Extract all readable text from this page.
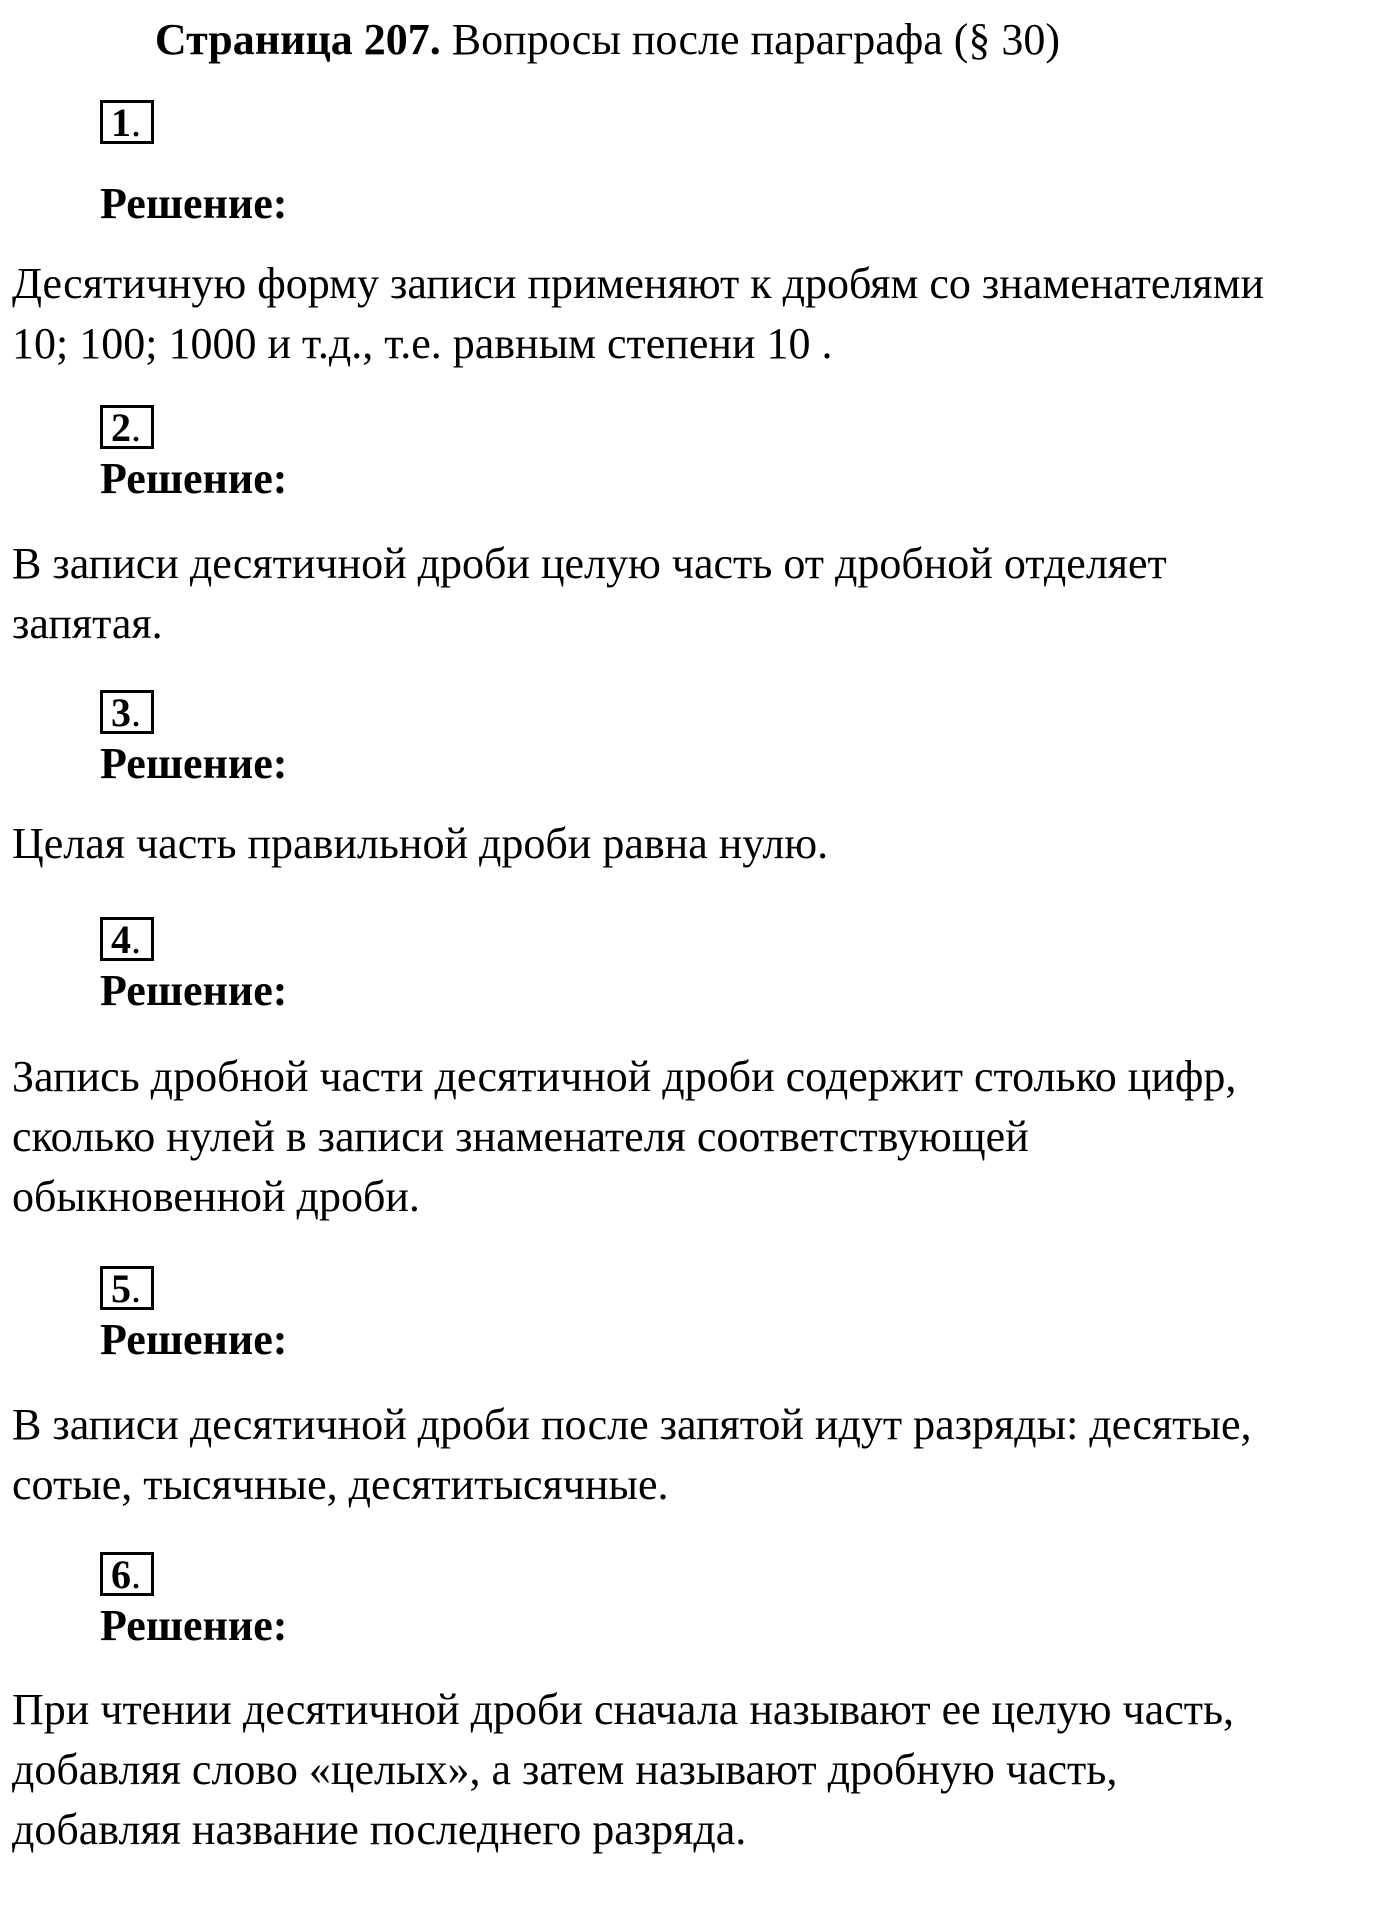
Страница 207. Вопросы после параграфа (§ 30)
1.
Решение:
Десятичную форму записи применяют к дробям со знаменателями
10; 100; 1000 и т.д., т.е. равным степени 10 .
2.
Решение:
В записи десятичной дроби целую часть от дробной отделяет
запятая.
3.
Решение:
Целая часть правильной дроби равна нулю.
4.
Решение:
Запись дробной части десятичной дроби содержит столько цифр,
сколько нулей в записи знаменателя соответствующей
обыкновенной дроби.
5.
Решение:
В записи десятичной дроби после запятой идут разряды: десятые,
сотые, тысячные, десятитысячные.
6.
Решение:
При чтении десятичной дроби сначала называют ее целую часть,
добавляя слово «целых», а затем называют дробную часть,
добавляя название последнего разряда.
